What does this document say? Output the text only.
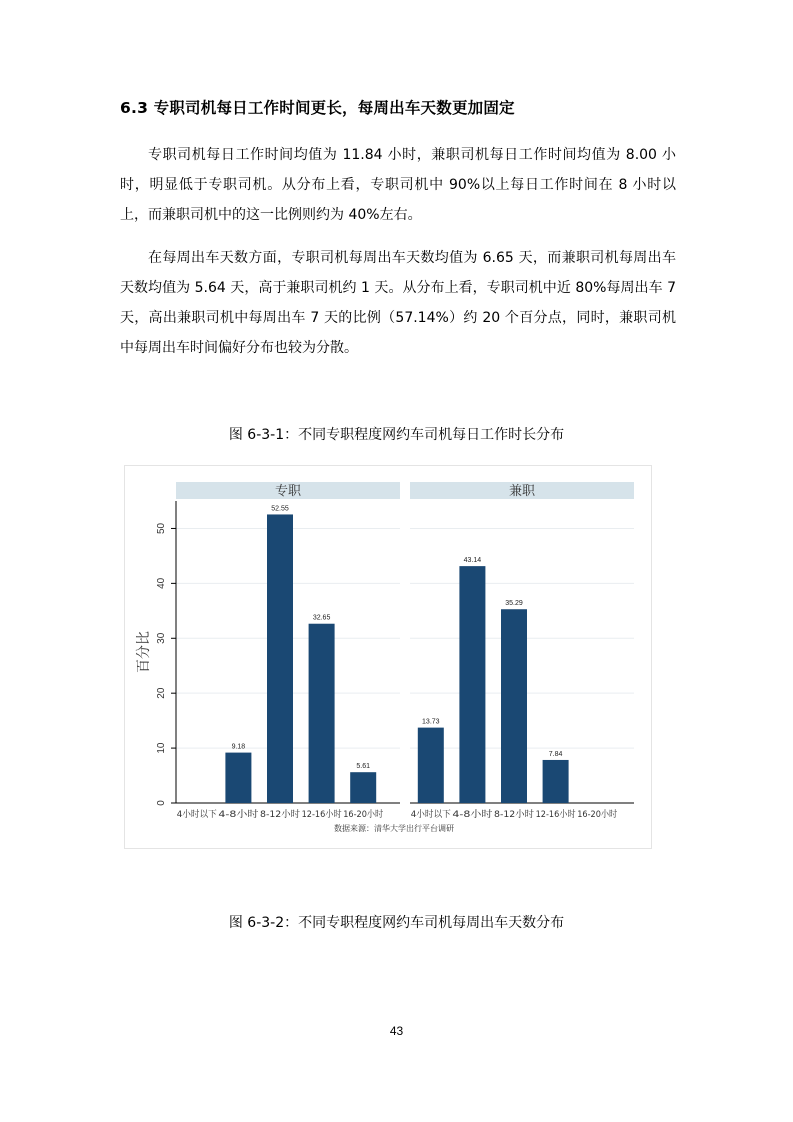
6.3 专职司机每日工作时间更长，每周出车天数更加固定

专职司机每日工作时间均值为 11.84 小时，兼职司机每日工作时间均值为 8.00 小时，明显低于专职司机。从分布上看，专职司机中 90%以上每日工作时间在 8 小时以上，而兼职司机中的这一比例则约为 40%左右。

在每周出车天数方面，专职司机每周出车天数均值为 6.65 天，而兼职司机每周出车天数均值为 5.64 天，高于兼职司机约 1 天。从分布上看，专职司机中近 80%每周出车 7 天，高出兼职司机中每周出车 7 天的比例（57.14%）约 20 个百分点，同时，兼职司机中每周出车时间偏好分布也较为分散。

图 6-3-1：不同专职程度网约车司机每日工作时长分布
专职	兼职
0
10
20
30
40
50
百分比
4小时以下
9.18
4-8小时
52.55
8-12小时
32.65
12-16小时
5.61
16-20小时
13.73
4小时以下
43.14
4-8小时
35.29
8-12小时
7.84
12-16小时
16-20小时
数据来源：清华大学出行平台调研
图 6-3-2：不同专职程度网约车司机每周出车天数分布
43
